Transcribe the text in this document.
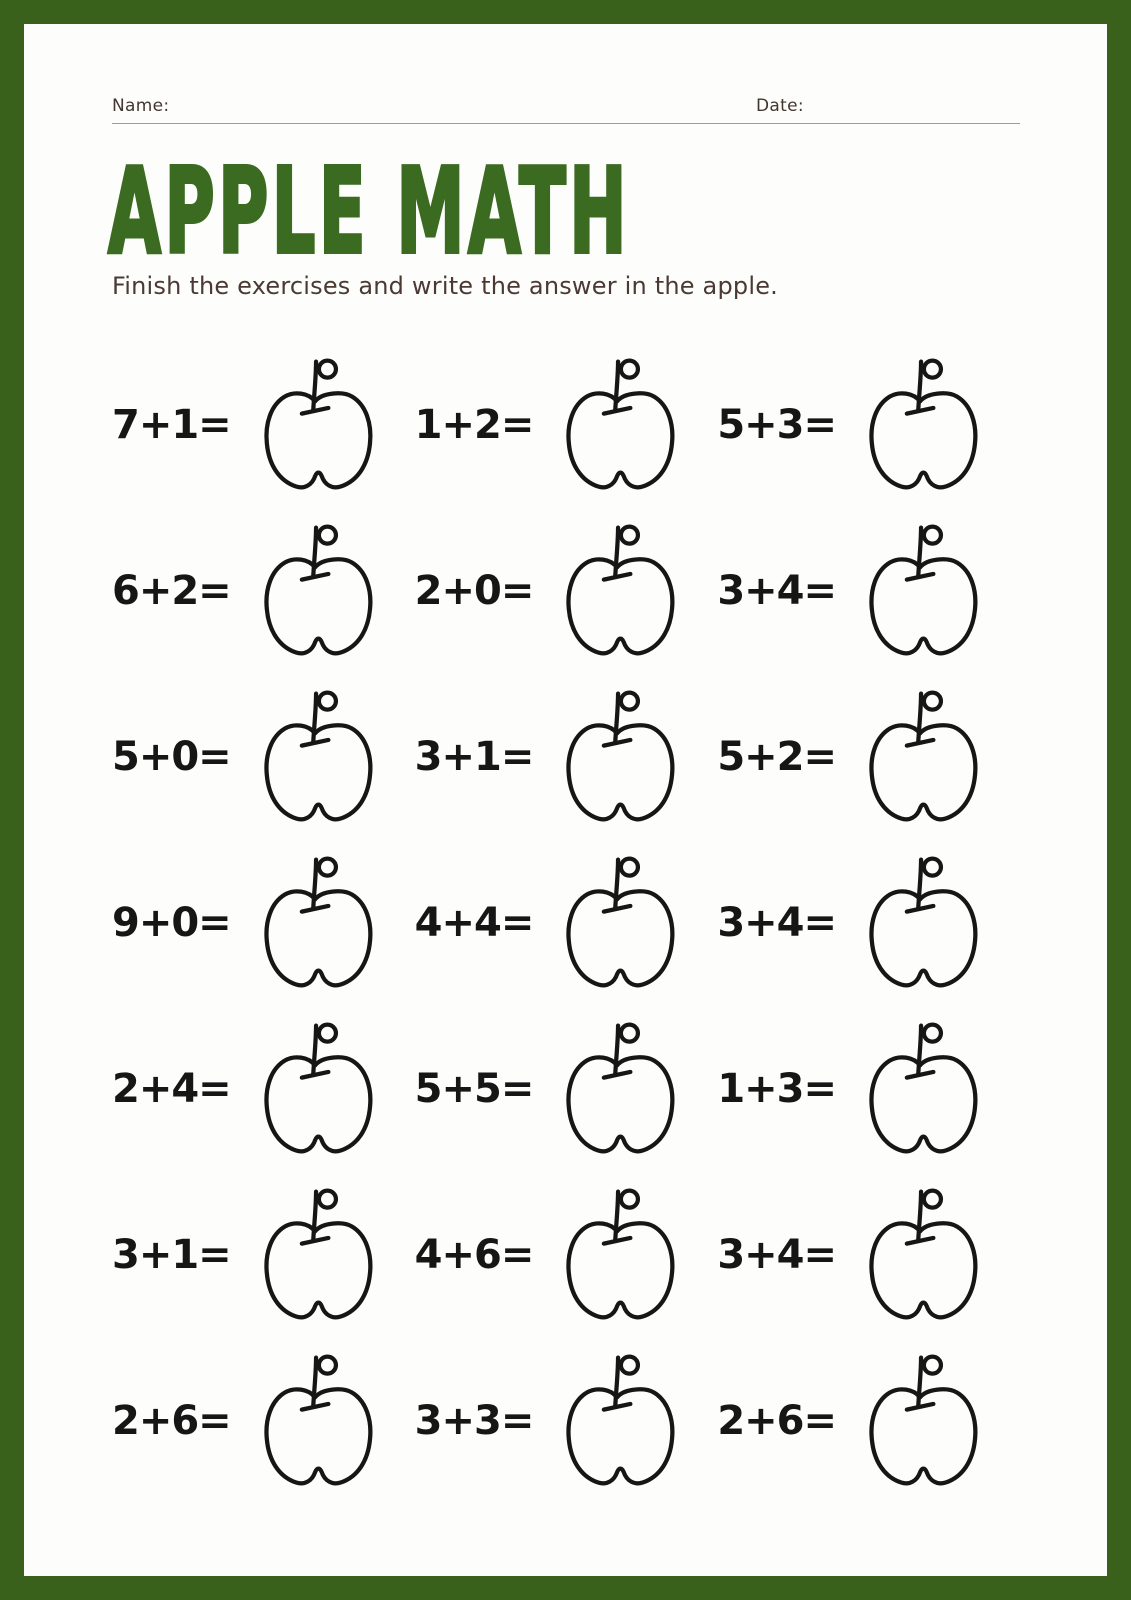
Name:	Date:
APPLE MATH

Finish the exercises and write the answer in the apple.

7+1=	1+2=	5+3=
6+2=	2+0=	3+4=
5+0=	3+1=	5+2=
9+0=	4+4=	3+4=
2+4=	5+5=	1+3=
3+1=	4+6=	3+4=
2+6=	3+3=	2+6=
